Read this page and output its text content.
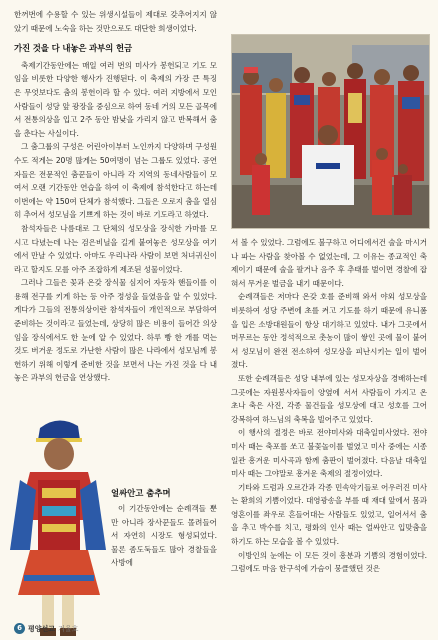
한꺼번에 수용할 수 있는 위생시설들이 제대로 갖추어지지 않았기 때문에 노숙을 하는 것만으로도 대단한 희생이었다.

가진 것을 다 내놓은 과부의 헌금

축제기간동안에는 매일 여러 번의 미사가 봉헌되고 기도 모임을 비롯한 다양한 행사가 진행된다. 이 축제의 가장 큰 특징은 무엇보다도 춤의 봉헌이라 할 수 있다. 여러 지방에서 모인 사람들이 성당 앞 광장을 중심으로 하여 동네 거의 모든 골목에서 전통의상을 입고 2주 동안 밤낮을 가리지 않고 반복해서 춤을 춘다는 사실이다.

그 춤그룹의 구성은 어린아이부터 노인까지 다양하며 구성원수도 적게는 20명 많게는 50여명이 넘는 그룹도 있었다. 공연자들은 전문적인 춤꾼들이 아니라 각 지역의 동네사람들이 모여서 오랜 기간동안 연습을 하여 이 축제에 참석한다고 하는데 이번에는 약 150여 단체가 참석했다. 그들은 오로지 춤을 열심히 추어서 성모님을 기쁘게 하는 것이 바로 기도라고 하였다.

참석자들은 나름대로 그 단체의 성모상을 장식한 가마를 모시고 다녔는데 나는 검은비닐을 길게 붙여놓은 성모상을 여기에서 만날 수 있었다. 아마도 우리나라 사람이 보면 처녀귀신이라고 할지도 모를 아주 조잡하게 제조된 성물이었다.

그러나 그들은 꽃과 온갖 장식물 심지어 자동차 핸들이를 이용해 전구를 키게 하는 등 아주 정성을 들였음을 알 수 있었다. 게다가 그들의 전통의상이란 참석자들이 개인적으로 부담하여 준비하는 것이라고 들었는데, 상당히 많은 비용이 들어간 의상임을 장식에서도 한 눈에 알 수 있었다. 하루 빵 한 개를 먹는 것도 버거운 정도로 가난한 사람이 많은 나라에서 성모님께 봉헌하기 위해 이렇게 준비한 것을 보면서 나는 가진 것을 다 내놓은 과부의 헌금을 연상했다.

얼싸안고 춤추며

이 기간동안에는 순례객들 뿐만 아니라 장사꾼들도 몰려들어서 자연히 시장도 형성되었다. 물론 좀도둑들도 많아 경찰들을 사방에

서 볼 수 있었다. 그럼에도 불구하고 어디에서건 술을 마시거나 파는 사람을 찾아볼 수 없었는데, 그 이유는 종교적인 축제이기 때문에 술을 팔거나 음주 후 추태를 벌이면 경찰에 잡혀서 무거운 벌금을 내기 때문이다.

순례객들은 저마다 온갖 호를 준비해 와서 야외 성모상을 비롯하여 성당 주변에 초를 켜고 기도를 하기 때문에 유니폼을 입은 소방대원들이 항상 대기하고 있었다. 내가 그곳에서 머무르는 동안 정석적으로 촛농이 많이 쌓인 곳에 물이 붙어서 성모님이 완전 전소하여 성모상을 피난시키는 일이 벌어졌다.

또한 순례객들은 성당 내부에 있는 성모자상을 경배하는데 그곳에는 자원봉사자들이 양옆에 서서 사람들이 가지고 온 초나 축은 사진, 각종 물건들을 성모상에 대고 성호를 그어 강복하여 하느님의 축복을 빌어주고 있었다.

이 행사의 절정은 바로 전야미사와 대축일미사였다. 전야미사 때는 축포를 쏘고 불꽃놀이를 벌였고 미사 중에는 시종일관 흥겨운 미사곡과 함께 춤판이 벌어졌다. 다음날 대축일미사 때는 그야말로 흥겨운 축제의 절정이었다.

기타와 드럼과 오르간과 각종 민속악기들로 어우러진 미사는 환희의 기쁨이었다. 대영광송을 부를 때 재대 앞에서 몸과 영혼이를 좌우로 흔들어대는 사람들도 있었고, 일어서서 춤을 추고 박수를 치고, 평화의 인사 때는 얼싸안고 입맞춤을 하기도 하는 모습을 볼 수 있었다.

이방인의 눈에는 이 모든 것이 흥분과 기쁨의 경험이었다. 그럼에도 마음 한구석에 가슴이 뭉클했던 것은

6 평양선교 겨울호
